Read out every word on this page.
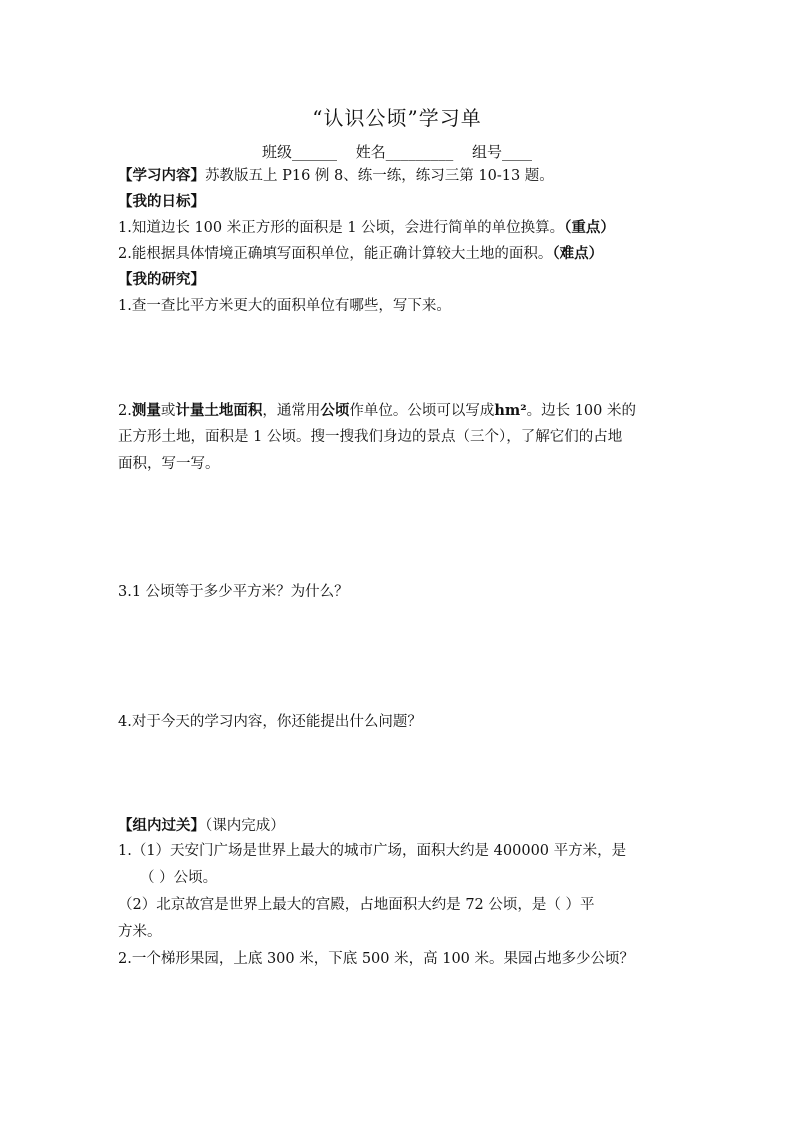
“认识公顷”学习单
班级______ 姓名_________ 组号____
【学习内容】苏教版五上 P16 例 8、练一练，练习三第 10-13 题。
【我的日标】
1.知道边长 100 米正方形的面积是 1 公顷，会进行简单的单位换算。（重点）
2.能根据具体情境正确填写面积单位，能正确计算较大土地的面积。（难点）
【我的研究】
1.查一查比平方米更大的面积单位有哪些，写下来。
2.测量或计量土地面积，通常用公顷作单位。公顷可以写成hm²。边长 100 米的
正方形土地，面积是 1 公顷。搜一搜我们身边的景点（三个），了解它们的占地
面积，写一写。
3.1 公顷等于多少平方米？为什么？
4.对于今天的学习内容，你还能提出什么问题？
【组内过关】（课内完成）
1.（1）天安门广场是世界上最大的城市广场，面积大约是 400000 平方米，是
（ ）公顷。
（2）北京故宫是世界上最大的宫殿，占地面积大约是 72 公顷，是（ ）平
方米。
2.一个梯形果园，上底 300 米，下底 500 米，高 100 米。果园占地多少公顷？
